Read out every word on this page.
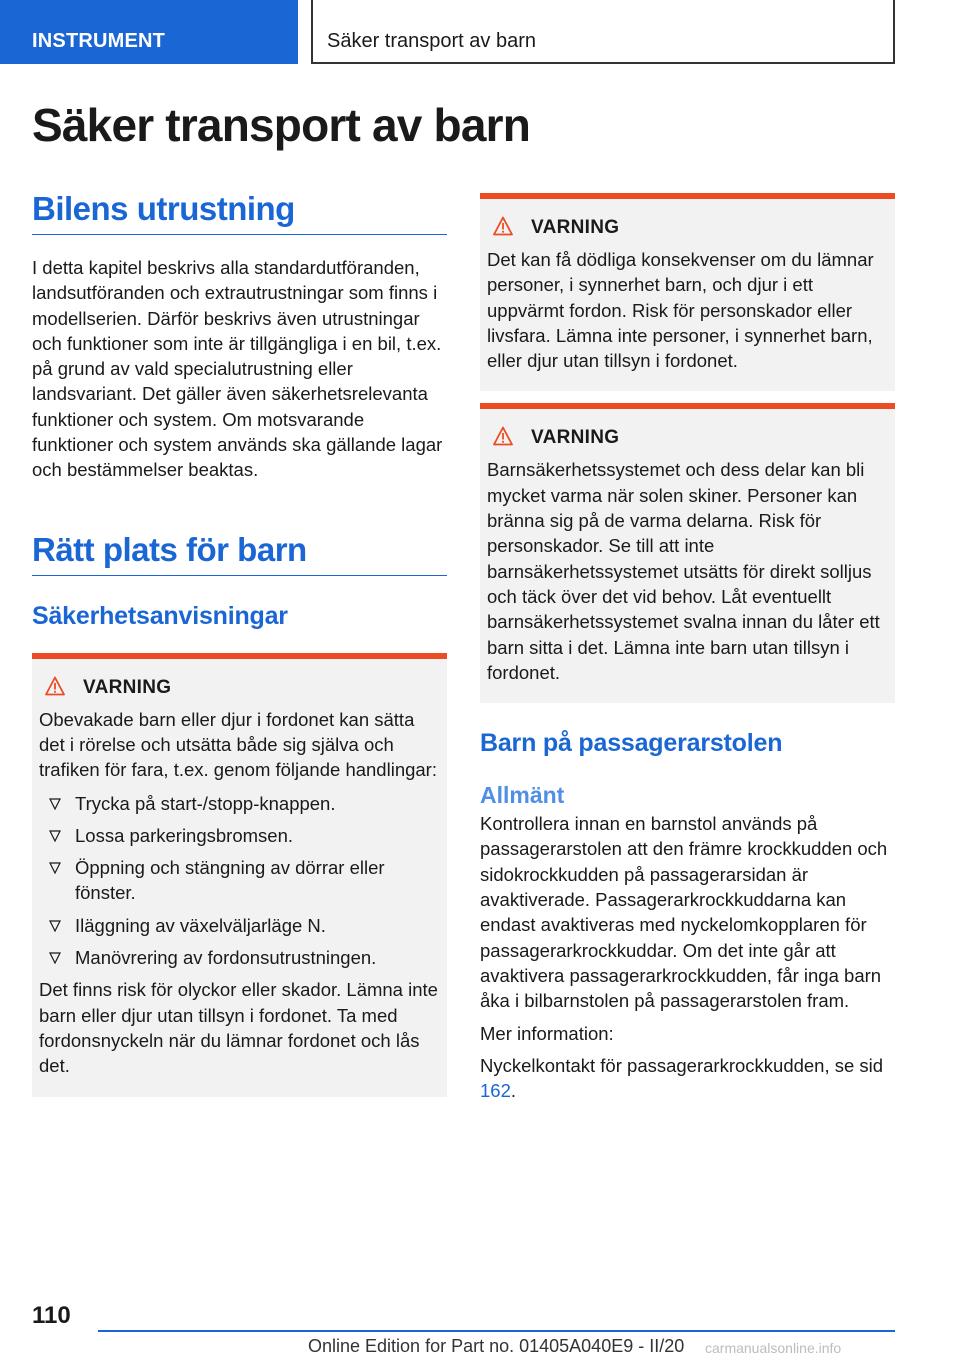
INSTRUMENT	Säker transport av barn
Säker transport av barn
Bilens utrustning

I detta kapitel beskrivs alla standardutföranden, landsutföranden och extrautrustningar som finns i modellserien. Därför beskrivs även utrustningar och funktioner som inte är tillgängliga i en bil, t.ex. på grund av vald specialutrustning eller landsvariant. Det gäller även säkerhetsrelevanta funktioner och system. Om motsvarande funktioner och system används ska gällande lagar och bestämmelser beaktas.

Rätt plats för barn
Säkerhetsanvisningar
VARNING

Obevakade barn eller djur i fordonet kan sätta det i rörelse och utsätta både sig själva och trafiken för fara, t.ex. genom följande handlingar:

Trycka på start-/stopp-knappen.
Lossa parkeringsbromsen.
Öppning och stängning av dörrar eller fönster.
Iläggning av växelväljarläge N.
Manövrering av fordonsutrustningen.

Det finns risk för olyckor eller skador. Lämna inte barn eller djur utan tillsyn i fordonet. Ta med fordonsnyckeln när du lämnar fordonet och lås det.

VARNING

Det kan få dödliga konsekvenser om du lämnar personer, i synnerhet barn, och djur i ett uppvärmt fordon. Risk för personskador eller livsfara. Lämna inte personer, i synnerhet barn, eller djur utan tillsyn i fordonet.

VARNING

Barnsäkerhetssystemet och dess delar kan bli mycket varma när solen skiner. Personer kan bränna sig på de varma delarna. Risk för personskador. Se till att inte barnsäkerhetssystemet utsätts för direkt solljus och täck över det vid behov. Låt eventuellt barnsäkerhetssystemet svalna innan du låter ett barn sitta i det. Lämna inte barn utan tillsyn i fordonet.

Barn på passagerarstolen
Allmänt

Kontrollera innan en barnstol används på passagerarstolen att den främre krockkudden och sidokrockkudden på passagerarsidan är avaktiverade. Passagerarkrockkuddarna kan endast avaktiveras med nyckelomkopplaren för passagerarkrockkuddar. Om det inte går att avaktivera passagerarkrockkudden, får inga barn åka i bilbarnstolen på passagerarstolen fram.

Mer information:

Nyckelkontakt för passagerarkrockkudden, se sid 162.

110
Online Edition for Part no. 01405A040E9 - II/20 carmanualsonline.info
